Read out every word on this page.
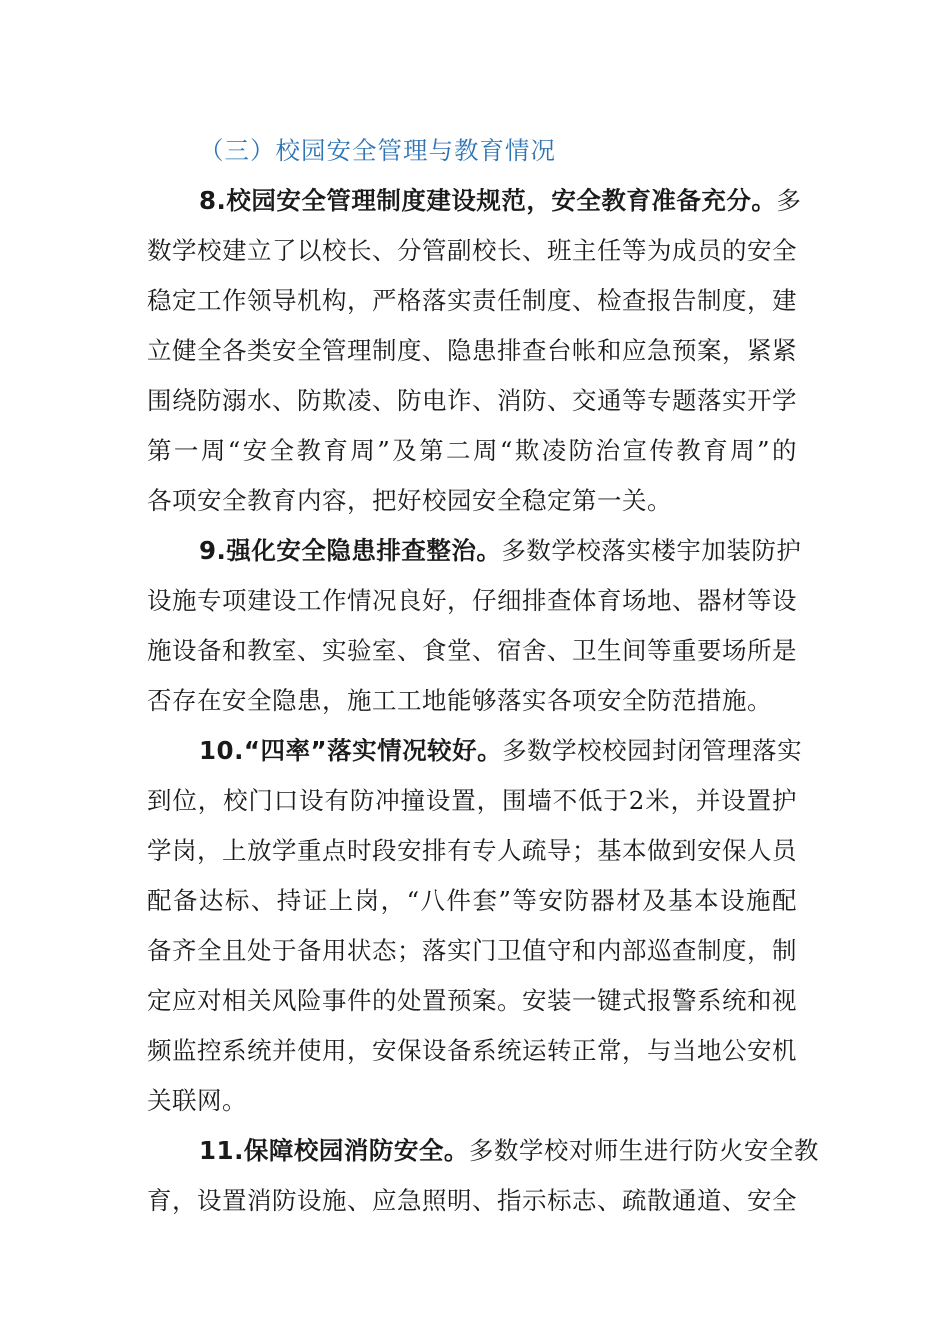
（三）校园安全管理与教育情况
8.校园安全管理制度建设规范，安全教育准备充分。多
数学校建立了以校长、分管副校长、班主任等为成员的安全
稳定工作领导机构，严格落实责任制度、检查报告制度，建
立健全各类安全管理制度、隐患排查台帐和应急预案，紧紧
围绕防溺水、防欺凌、防电诈、消防、交通等专题落实开学
第一周“安全教育周”及第二周“欺凌防治宣传教育周”的
各项安全教育内容，把好校园安全稳定第一关。
9.强化安全隐患排查整治。多数学校落实楼宇加装防护
设施专项建设工作情况良好，仔细排查体育场地、器材等设
施设备和教室、实验室、食堂、宿舍、卫生间等重要场所是
否存在安全隐患，施工工地能够落实各项安全防范措施。
10.“四率”落实情况较好。多数学校校园封闭管理落实
到位，校门口设有防冲撞设置，围墙不低于2米，并设置护
学岗，上放学重点时段安排有专人疏导；基本做到安保人员
配备达标、持证上岗，“八件套”等安防器材及基本设施配
备齐全且处于备用状态；落实门卫值守和内部巡查制度，制
定应对相关风险事件的处置预案。安装一键式报警系统和视
频监控系统并使用，安保设备系统运转正常，与当地公安机
关联网。
11.保障校园消防安全。多数学校对师生进行防火安全教
育，设置消防设施、应急照明、指示标志、疏散通道、安全
